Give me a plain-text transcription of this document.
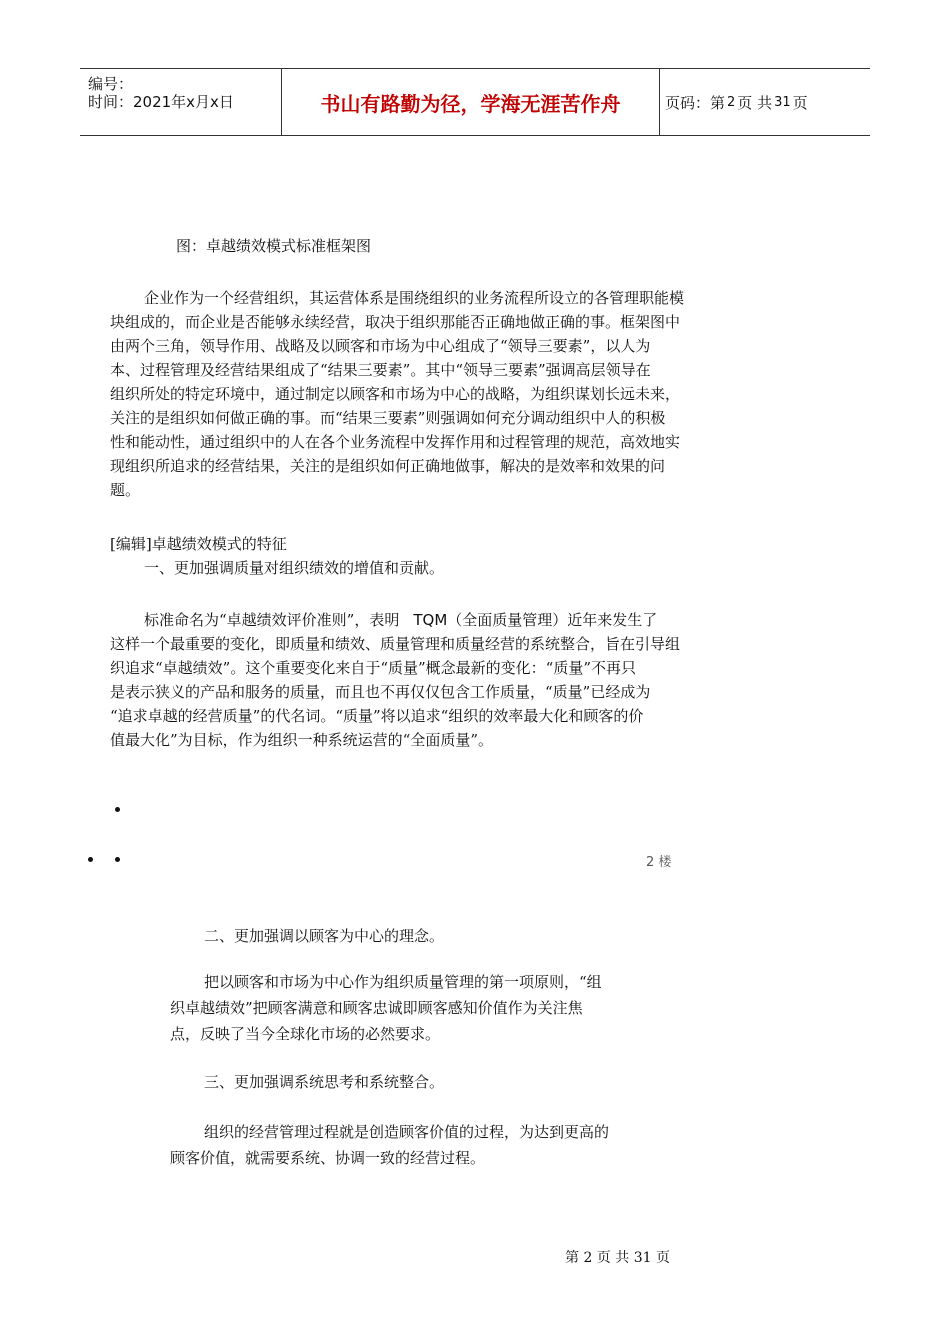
编号：
时间：2021年x月x日	书山有路勤为径，学海无涯苦作舟	页码：第 2 页 共 31 页
图：卓越绩效模式标准框架图
企业作为一个经营组织，其运营体系是围绕组织的业务流程所设立的各管理职能模
块组成的，而企业是否能够永续经营，取决于组织那能否正确地做正确的事。框架图中
由两个三角，领导作用、战略及以顾客和市场为中心组成了“领导三要素”，以人为
本、过程管理及经营结果组成了“结果三要素”。其中“领导三要素”强调高层领导在
组织所处的特定环境中，通过制定以顾客和市场为中心的战略，为组织谋划长远未来，
关注的是组织如何做正确的事。而“结果三要素”则强调如何充分调动组织中人的积极
性和能动性，通过组织中的人在各个业务流程中发挥作用和过程管理的规范，高效地实
现组织所追求的经营结果，关注的是组织如何正确地做事，解决的是效率和效果的问
题。
[编辑]卓越绩效模式的特征
一、更加强调质量对组织绩效的增值和贡献。
标准命名为“卓越绩效评价准则”，表明 TQM（全面质量管理）近年来发生了
这样一个最重要的变化，即质量和绩效、质量管理和质量经营的系统整合，旨在引导组
织追求“卓越绩效”。这个重要变化来自于“质量”概念最新的变化：“质量”不再只
是表示狭义的产品和服务的质量，而且也不再仅仅包含工作质量，“质量”已经成为
“追求卓越的经营质量”的代名词。“质量”将以追求“组织的效率最大化和顾客的价
值最大化”为目标，作为组织一种系统运营的“全面质量”。
2 楼
二、更加强调以顾客为中心的理念。
把以顾客和市场为中心作为组织质量管理的第一项原则，“组
织卓越绩效”把顾客满意和顾客忠诚即顾客感知价值作为关注焦
点，反映了当今全球化市场的必然要求。
三、更加强调系统思考和系统整合。
组织的经营管理过程就是创造顾客价值的过程，为达到更高的
顾客价值，就需要系统、协调一致的经营过程。
第 2 页 共 31 页
